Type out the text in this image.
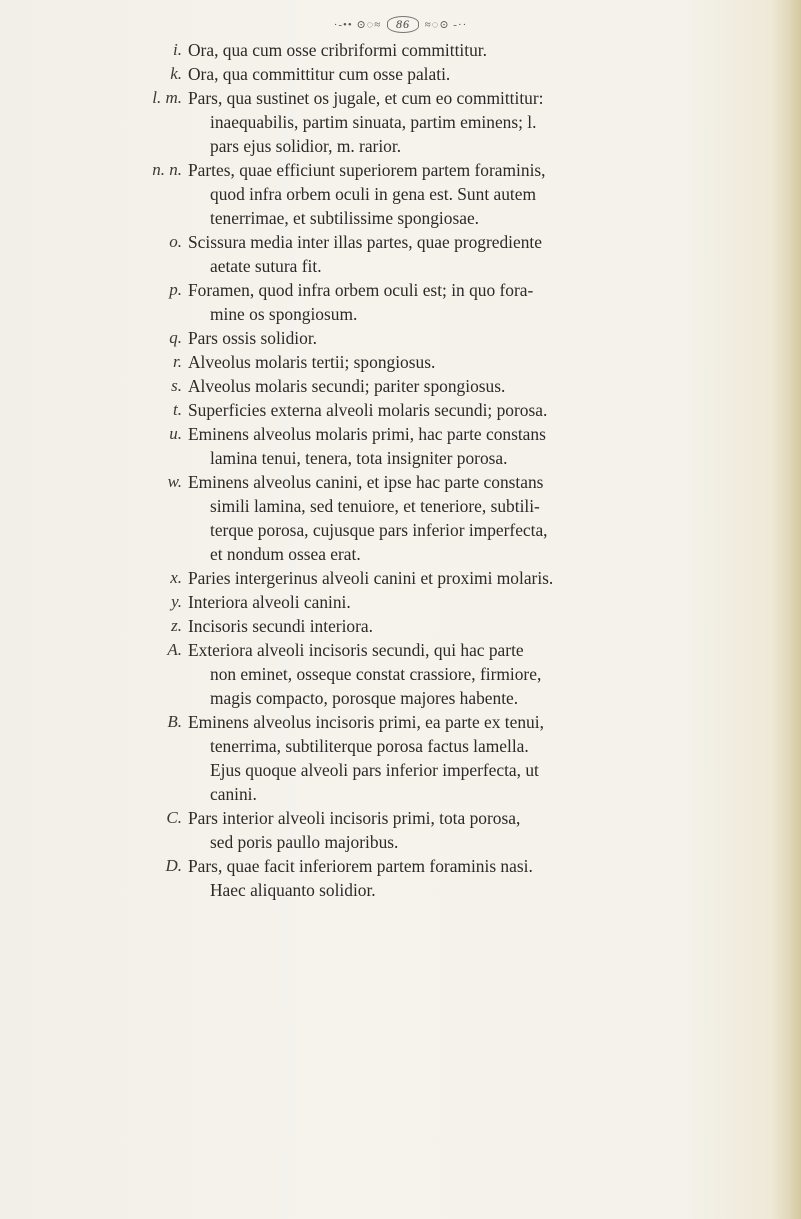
·-•• ⊙◌≈ 86 ≈◌⊙ -··
i. Ora, qua cum osse cribriformi committitur.
k. Ora, qua committitur cum osse palati.
l. m. Pars, qua sustinet os jugale, et cum eo committitur:
inaequabilis, partim sinuata, partim eminens; l.
pars ejus solidior, m. rarior.
n. n. Partes, quae efficiunt superiorem partem foraminis,
quod infra orbem oculi in gena est. Sunt autem
tenerrimae, et subtilissime spongiosae.
o. Scissura media inter illas partes, quae progrediente
aetate sutura fit.
p. Foramen, quod infra orbem oculi est; in quo fora-
mine os spongiosum.
q. Pars ossis solidior.
r. Alveolus molaris tertii; spongiosus.
s. Alveolus molaris secundi; pariter spongiosus.
t. Superficies externa alveoli molaris secundi; porosa.
u. Eminens alveolus molaris primi, hac parte constans
lamina tenui, tenera, tota insigniter porosa.
w. Eminens alveolus canini, et ipse hac parte constans
simili lamina, sed tenuiore, et teneriore, subtili-
terque porosa, cujusque pars inferior imperfecta,
et nondum ossea erat.
x. Paries intergerinus alveoli canini et proximi molaris.
y. Interiora alveoli canini.
z. Incisoris secundi interiora.
A. Exteriora alveoli incisoris secundi, qui hac parte
non eminet, osseque constat crassiore, firmiore,
magis compacto, porosque majores habente.
B. Eminens alveolus incisoris primi, ea parte ex tenui,
tenerrima, subtiliterque porosa factus lamella.
Ejus quoque alveoli pars inferior imperfecta, ut
canini.
C. Pars interior alveoli incisoris primi, tota porosa,
sed poris paullo majoribus.
D. Pars, quae facit inferiorem partem foraminis nasi.
Haec aliquanto solidior.
